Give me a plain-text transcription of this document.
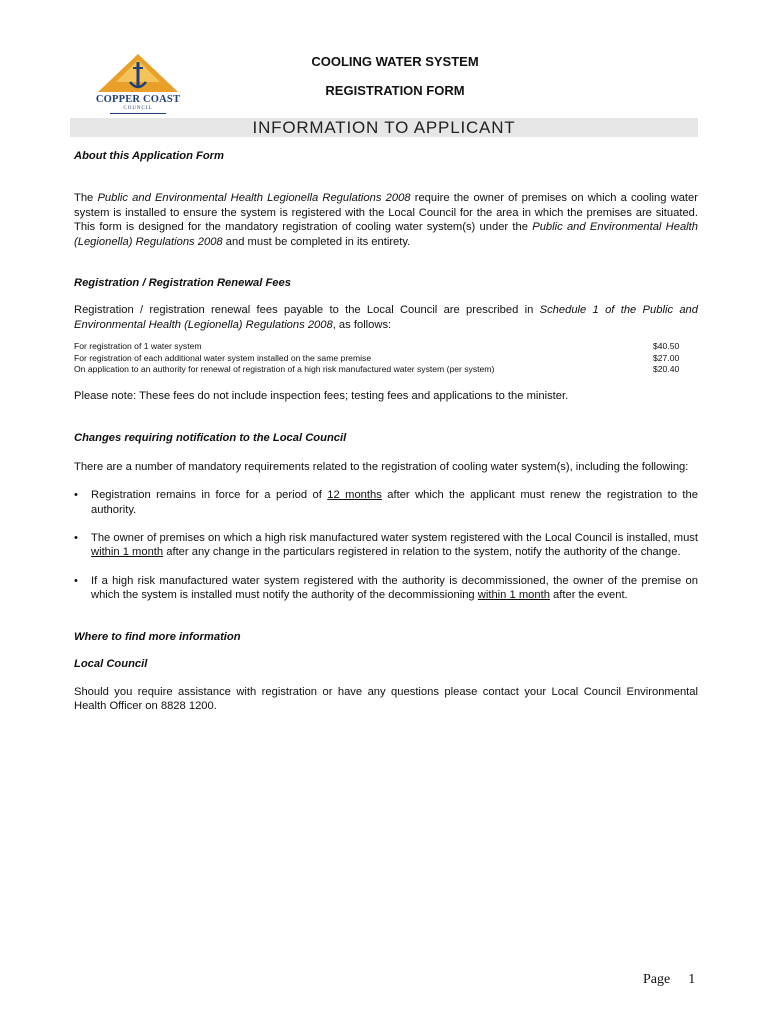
COPPER COAST
COUNCIL
COOLING WATER SYSTEM
REGISTRATION FORM
INFORMATION TO APPLICANT

About this Application Form

The Public and Environmental Health Legionella Regulations 2008 require the owner of premises on which a cooling water system is installed to ensure the system is registered with the Local Council for the area in which the premises are situated. This form is designed for the mandatory registration of cooling water system(s) under the Public and Environmental Health (Legionella) Regulations 2008 and must be completed in its entirety.

Registration / Registration Renewal Fees

Registration / registration renewal fees payable to the Local Council are prescribed in Schedule 1 of the Public and Environmental Health (Legionella) Regulations 2008, as follows:

For registration of 1 water system	$40.50
For registration of each additional water system installed on the same premise	$27.00
On application to an authority for renewal of registration of a high risk manufactured water system (per system)	$20.40

Please note: These fees do not include inspection fees; testing fees and applications to the minister.

Changes requiring notification to the Local Council

There are a number of mandatory requirements related to the registration of cooling water system(s), including the following:

• Registration remains in force for a period of 12 months after which the applicant must renew the registration to the authority.
• The owner of premises on which a high risk manufactured water system registered with the Local Council is installed, must within 1 month after any change in the particulars registered in relation to the system, notify the authority of the change.
• If a high risk manufactured water system registered with the authority is decommissioned, the owner of the premise on which the system is installed must notify the authority of the decommissioning within 1 month after the event.

Where to find more information

Local Council

Should you require assistance with registration or have any questions please contact your Local Council Environmental Health Officer on 8828 1200.

Page 1
